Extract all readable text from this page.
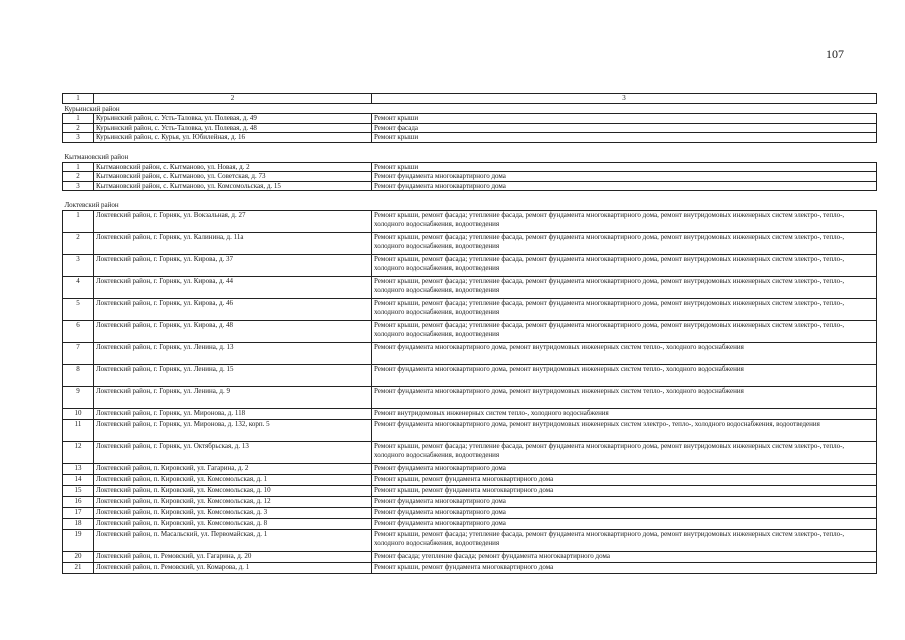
107
1	2	3
Курьинский район		
1	Курьинский район, с. Усть-Таловка, ул. Полевая, д. 49	Ремонт крыши
2	Курьинский район, с. Усть-Таловка, ул. Полевая, д. 48	Ремонт фасада
3	Курьинский район, с. Курья, ул. Юбилейная, д. 16	Ремонт крыши

Кытмановский район		
1	Кытмановский район, с. Кытманово, ул. Новая, д. 2	Ремонт крыши
2	Кытмановский район, с. Кытманово, ул. Советская, д. 73	Ремонт фундамента многоквартирного дома
3	Кытмановский район, с. Кытманово, ул. Комсомольская, д. 15	Ремонт фундамента многоквартирного дома

Локтевский район		
1	Локтевский район, г. Горняк, ул. Вокзальная, д. 27	Ремонт крыши, ремонт фасада; утепление фасада, ремонт фундамента многоквартирного дома, ремонт внутридомовых инженерных систем электро-, тепло-, холодного водоснабжения, водоотведения
2	Локтевский район, г. Горняк, ул. Калинина, д. 11а	Ремонт крыши, ремонт фасада; утепление фасада, ремонт фундамента многоквартирного дома, ремонт внутридомовых инженерных систем электро-, тепло-, холодного водоснабжения, водоотведения
3	Локтевский район, г. Горняк, ул. Кирова, д. 37	Ремонт крыши, ремонт фасада; утепление фасада, ремонт фундамента многоквартирного дома, ремонт внутридомовых инженерных систем электро-, тепло-, холодного водоснабжения, водоотведения
4	Локтевский район, г. Горняк, ул. Кирова, д. 44	Ремонт крыши, ремонт фасада; утепление фасада, ремонт фундамента многоквартирного дома, ремонт внутридомовых инженерных систем электро-, тепло-, холодного водоснабжения, водоотведения
5	Локтевский район, г. Горняк, ул. Кирова, д. 46	Ремонт крыши, ремонт фасада; утепление фасада, ремонт фундамента многоквартирного дома, ремонт внутридомовых инженерных систем электро-, тепло-, холодного водоснабжения, водоотведения
6	Локтевский район, г. Горняк, ул. Кирова, д. 48	Ремонт крыши, ремонт фасада; утепление фасада, ремонт фундамента многоквартирного дома, ремонт внутридомовых инженерных систем электро-, тепло-, холодного водоснабжения, водоотведения
7	Локтевский район, г. Горняк, ул. Ленина, д. 13	Ремонт фундамента многоквартирного дома, ремонт внутридомовых инженерных систем тепло-, холодного водоснабжения
8	Локтевский район, г. Горняк, ул. Ленина, д. 15	Ремонт фундамента многоквартирного дома, ремонт внутридомовых инженерных систем тепло-, холодного водоснабжения
9	Локтевский район, г. Горняк, ул. Ленина, д. 9	Ремонт фундамента многоквартирного дома, ремонт внутридомовых инженерных систем тепло-, холодного водоснабжения
10	Локтевский район, г. Горняк, ул. Миронова, д. 118	Ремонт внутридомовых инженерных систем тепло-, холодного водоснабжения
11	Локтевский район, г. Горняк, ул. Миронова, д. 132, корп. 5	Ремонт фундамента многоквартирного дома, ремонт внутридомовых инженерных систем электро-, тепло-, холодного водоснабжения, водоотведения
12	Локтевский район, г. Горняк, ул. Октябрьская, д. 13	Ремонт крыши, ремонт фасада; утепление фасада, ремонт фундамента многоквартирного дома, ремонт внутридомовых инженерных систем электро-, тепло-, холодного водоснабжения, водоотведения
13	Локтевский район, п. Кировский, ул. Гагарина, д. 2	Ремонт фундамента многоквартирного дома
14	Локтевский район, п. Кировский, ул. Комсомольская, д. 1	Ремонт крыши, ремонт фундамента многоквартирного дома
15	Локтевский район, п. Кировский, ул. Комсомольская, д. 10	Ремонт крыши, ремонт фундамента многоквартирного дома
16	Локтевский район, п. Кировский, ул. Комсомольская, д. 12	Ремонт фундамента многоквартирного дома
17	Локтевский район, п. Кировский, ул. Комсомольская, д. 3	Ремонт фундамента многоквартирного дома
18	Локтевский район, п. Кировский, ул. Комсомольская, д. 8	Ремонт фундамента многоквартирного дома
19	Локтевский район, п. Масальский, ул. Первомайская, д. 1	Ремонт крыши, ремонт фасада; утепление фасада, ремонт фундамента многоквартирного дома, ремонт внутридомовых инженерных систем электро-, тепло-, холодного водоснабжения, водоотведения
20	Локтевский район, п. Ремовский, ул. Гагарина, д. 20	Ремонт фасада; утепление фасада; ремонт фундамента многоквартирного дома
21	Локтевский район, п. Ремовский, ул. Комарова, д. 1	Ремонт крыши, ремонт фундамента многоквартирного дома
